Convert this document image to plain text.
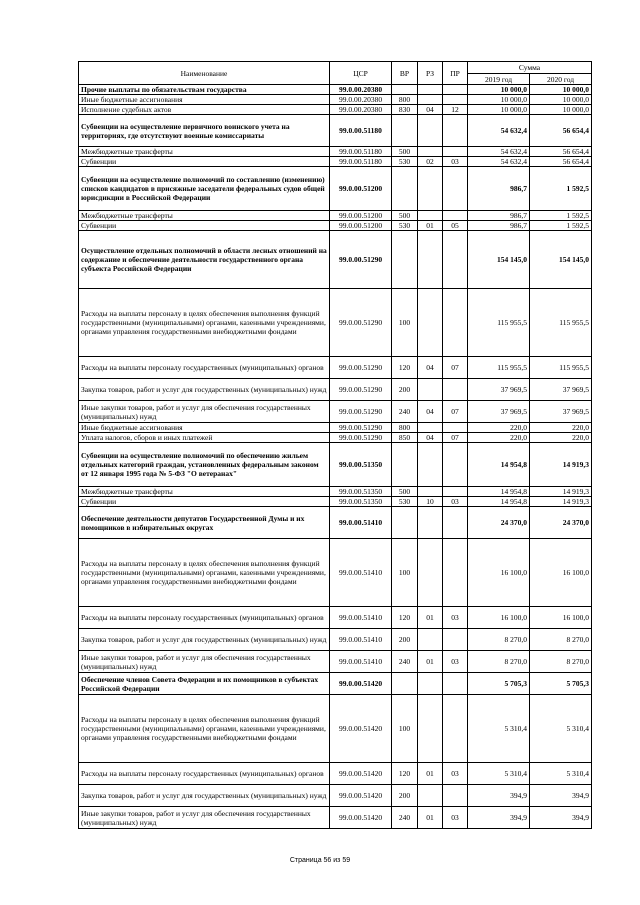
Наименование	ЦСР	ВР	РЗ	ПР	Сумма	
					2019 год	2020 год
Прочие выплаты по обязательствам государства	99.0.00.20380				10 000,0	10 000,0
Иные бюджетные ассигнования	99.0.00.20380	800			10 000,0	10 000,0
Исполнение судебных актов	99.0.00.20380	830	04	12	10 000,0	10 000,0
Субвенции на осуществление первичного воинского учета на территориях, где отсутствуют военные комиссариаты	99.0.00.51180				54 632,4	56 654,4
Межбюджетные трансферты	99.0.00.51180	500			54 632,4	56 654,4
Субвенции	99.0.00.51180	530	02	03	54 632,4	56 654,4
Субвенции на осуществление полномочий по составлению (изменению) списков кандидатов в присяжные заседатели федеральных судов общей юрисдикции в Российской Федерации	99.0.00.51200				986,7	1 592,5
Межбюджетные трансферты	99.0.00.51200	500			986,7	1 592,5
Субвенции	99.0.00.51200	530	01	05	986,7	1 592,5
Осуществление отдельных полномочий в области лесных отношений на содержание и обеспечение деятельности государственного органа субъекта Российской Федерации	99.0.00.51290				154 145,0	154 145,0
Расходы на выплаты персоналу в целях обеспечения выполнения функций государственными (муниципальными) органами, казенными учреждениями, органами управления государственными внебюджетными фондами	99.0.00.51290	100			115 955,5	115 955,5
Расходы на выплаты персоналу государственных (муниципальных) органов	99.0.00.51290	120	04	07	115 955,5	115 955,5
Закупка товаров, работ и услуг для государственных (муниципальных) нужд	99.0.00.51290	200			37 969,5	37 969,5
Иные закупки товаров, работ и услуг для обеспечения государственных (муниципальных) нужд	99.0.00.51290	240	04	07	37 969,5	37 969,5
Иные бюджетные ассигнования	99.0.00.51290	800			220,0	220,0
Уплата налогов, сборов и иных платежей	99.0.00.51290	850	04	07	220,0	220,0
Субвенции на осуществление полномочий по обеспечению жильем отдельных категорий граждан, установленных федеральным законом от 12 января 1995 года № 5-ФЗ "О ветеранах"	99.0.00.51350				14 954,8	14 919,3
Межбюджетные трансферты	99.0.00.51350	500			14 954,8	14 919,3
Субвенции	99.0.00.51350	530	10	03	14 954,8	14 919,3
Обеспечение деятельности депутатов Государственной Думы и их помощников в избирательных округах	99.0.00.51410				24 370,0	24 370,0
Расходы на выплаты персоналу в целях обеспечения выполнения функций государственными (муниципальными) органами, казенными учреждениями, органами управления государственными внебюджетными фондами	99.0.00.51410	100			16 100,0	16 100,0
Расходы на выплаты персоналу государственных (муниципальных) органов	99.0.00.51410	120	01	03	16 100,0	16 100,0
Закупка товаров, работ и услуг для государственных (муниципальных) нужд	99.0.00.51410	200			8 270,0	8 270,0
Иные закупки товаров, работ и услуг для обеспечения государственных (муниципальных) нужд	99.0.00.51410	240	01	03	8 270,0	8 270,0
Обеспечение членов Совета Федерации и их помощников в субъектах Российской Федерации	99.0.00.51420				5 705,3	5 705,3
Расходы на выплаты персоналу в целях обеспечения выполнения функций государственными (муниципальными) органами, казенными учреждениями, органами управления государственными внебюджетными фондами	99.0.00.51420	100			5 310,4	5 310,4
Расходы на выплаты персоналу государственных (муниципальных) органов	99.0.00.51420	120	01	03	5 310,4	5 310,4
Закупка товаров, работ и услуг для государственных (муниципальных) нужд	99.0.00.51420	200			394,9	394,9
Иные закупки товаров, работ и услуг для обеспечения государственных (муниципальных) нужд	99.0.00.51420	240	01	03	394,9	394,9
Страница 56 из 59
